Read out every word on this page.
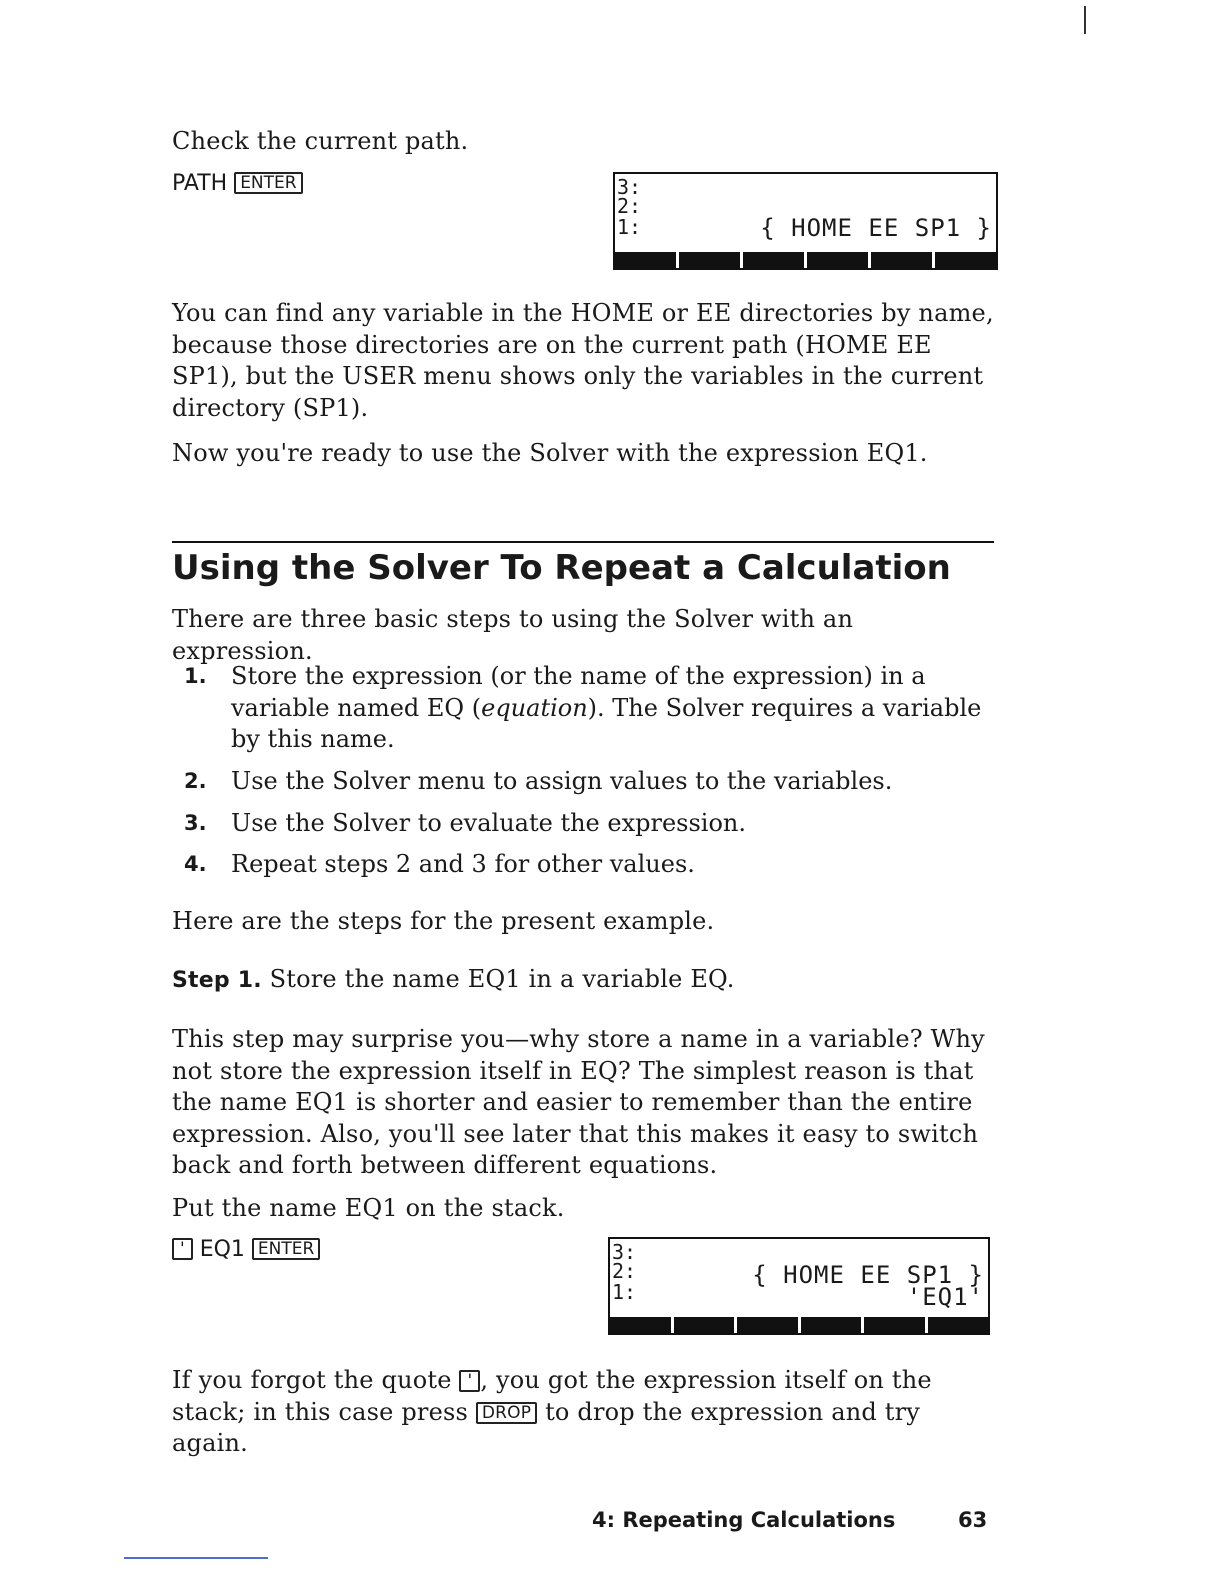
Check the current path.
PATH ENTER	3:
2:
1:	{ HOME EE SP1 }
You can find any variable in the HOME or EE directories by name, because those directories are on the current path (HOME EE SP1), but the USER menu shows only the variables in the current directory (SP1).
Now you're ready to use the Solver with the expression EQ1.
Using the Solver To Repeat a Calculation
There are three basic steps to using the Solver with an expression.
1. Store the expression (or the name of the expression) in a variable named EQ (equation). The Solver requires a variable by this name.
2. Use the Solver menu to assign values to the variables.
3. Use the Solver to evaluate the expression.
4. Repeat steps 2 and 3 for other values.
Here are the steps for the present example.
Step 1. Store the name EQ1 in a variable EQ.
This step may surprise you—why store a name in a variable? Why not store the expression itself in EQ? The simplest reason is that the name EQ1 is shorter and easier to remember than the entire expression. Also, you'll see later that this makes it easy to switch back and forth between different equations.
Put the name EQ1 on the stack.
' EQ1 ENTER	3:
2:
1:
{ HOME EE SP1 }
'EQ1'
If you forgot the quote ' , you got the expression itself on the stack; in this case press DROP to drop the expression and try again.
4: Repeating Calculations	63
